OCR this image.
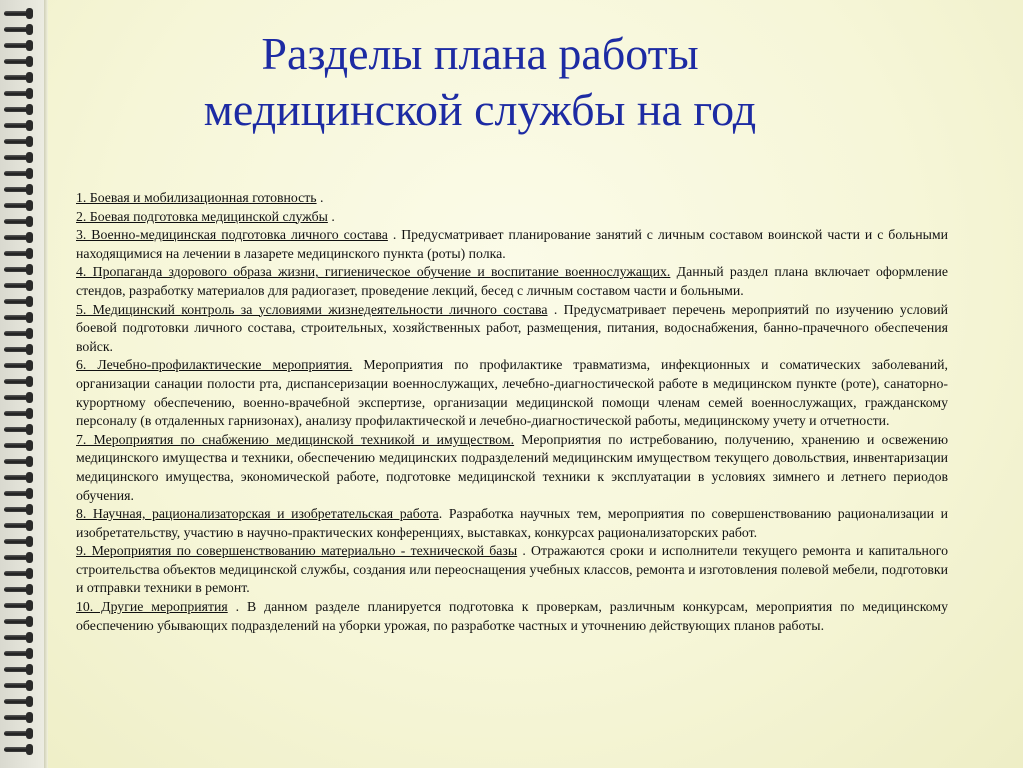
Разделы плана работы
медицинской службы на год

1. Боевая и мобилизационная готовность .

2. Боевая подготовка медицинской службы .

3. Военно-медицинская подготовка личного состава . Предусматривает планирование занятий с личным составом воинской части и с больными находящимися на лечении в лазарете медицинского пункта (роты) полка.

4. Пропаганда здорового образа жизни, гигиеническое обучение и воспитание военнослужащих. Данный раздел плана включает оформление стендов, разработку материалов для радиогазет, проведение лекций, бесед с личным составом части и больными.

5. Медицинский контроль за условиями жизнедеятельности личного состава . Предусматривает перечень мероприятий по изучению условий боевой подготовки личного состава, строительных, хозяйственных работ, размещения, питания, водоснабжения, банно-прачечного обеспечения войск.

6. Лечебно-профилактические мероприятия. Мероприятия по профилактике травматизма, инфекционных и соматических заболеваний, организации санации полости рта, диспансеризации военнослужащих, лечебно-диагностической работе в медицинском пункте (роте), санаторно-курортному обеспечению, военно-врачебной экспертизе, организации медицинской помощи членам семей военнослужащих, гражданскому персоналу (в отдаленных гарнизонах), анализу профилактической и лечебно-диагностической работы, медицинскому учету и отчетности.

7. Мероприятия по снабжению медицинской техникой и имуществом. Мероприятия по истребованию, получению, хранению и освежению медицинского имущества и техники, обеспечению медицинских подразделений медицинским имуществом текущего довольствия, инвентаризации медицинского имущества, экономической работе, подготовке медицинской техники к эксплуатации в условиях зимнего и летнего периодов обучения.

8. Научная, рационализаторская и изобретательская работа. Разработка научных тем, мероприятия по совершенствованию рационализации и изобретательству, участию в научно-практических конференциях, выставках, конкурсах рационализаторских работ.

9. Мероприятия по совершенствованию материально - технической базы . Отражаются сроки и исполнители текущего ремонта и капитального строительства объектов медицинской службы, создания или переоснащения учебных классов, ремонта и изготовления полевой мебели, подготовки и отправки техники в ремонт.

10. Другие мероприятия . В данном разделе планируется подготовка к проверкам, различным конкурсам, мероприятия по медицинскому обеспечению убывающих подразделений на уборки урожая, по разработке частных и уточнению действующих планов работы.
